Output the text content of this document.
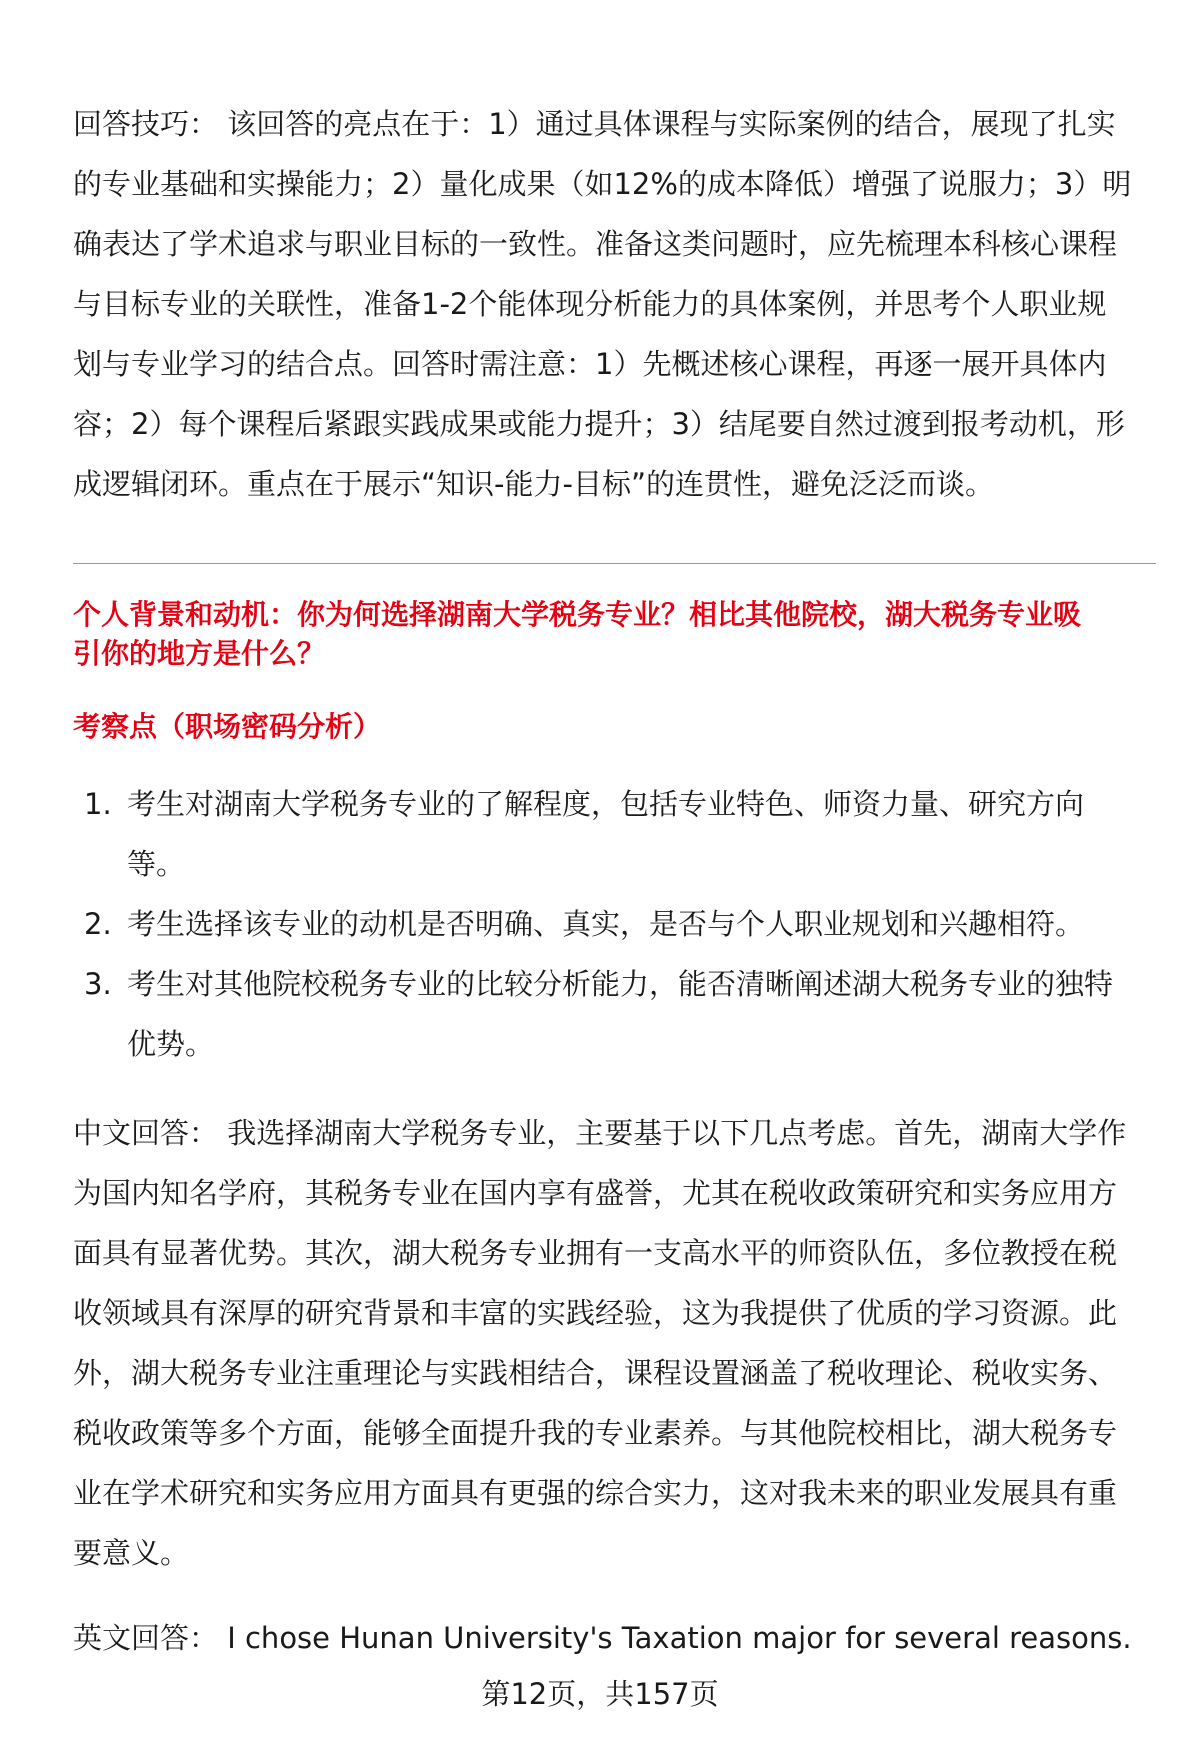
回答技巧： 该回答的亮点在于：1）通过具体课程与实际案例的结合，展现了扎实
的专业基础和实操能力；2）量化成果（如12%的成本降低）增强了说服力；3）明
确表达了学术追求与职业目标的一致性。准备这类问题时，应先梳理本科核心课程
与目标专业的关联性，准备1-2个能体现分析能力的具体案例，并思考个人职业规
划与专业学习的结合点。回答时需注意：1）先概述核心课程，再逐一展开具体内
容；2）每个课程后紧跟实践成果或能力提升；3）结尾要自然过渡到报考动机，形
成逻辑闭环。重点在于展示“知识-能力-目标”的连贯性，避免泛泛而谈。
个人背景和动机：你为何选择湖南大学税务专业？相比其他院校，湖大税务专业吸
引你的地方是什么？
考察点（职场密码分析）
1. 考生对湖南大学税务专业的了解程度，包括专业特色、师资力量、研究方向
等。
2. 考生选择该专业的动机是否明确、真实，是否与个人职业规划和兴趣相符。
3. 考生对其他院校税务专业的比较分析能力，能否清晰阐述湖大税务专业的独特
优势。
中文回答： 我选择湖南大学税务专业，主要基于以下几点考虑。首先，湖南大学作
为国内知名学府，其税务专业在国内享有盛誉，尤其在税收政策研究和实务应用方
面具有显著优势。其次，湖大税务专业拥有一支高水平的师资队伍，多位教授在税
收领域具有深厚的研究背景和丰富的实践经验，这为我提供了优质的学习资源。此
外，湖大税务专业注重理论与实践相结合，课程设置涵盖了税收理论、税收实务、
税收政策等多个方面，能够全面提升我的专业素养。与其他院校相比，湖大税务专
业在学术研究和实务应用方面具有更强的综合实力，这对我未来的职业发展具有重
要意义。
英文回答： I chose Hunan University's Taxation major for several reasons.
第12页，共157页
